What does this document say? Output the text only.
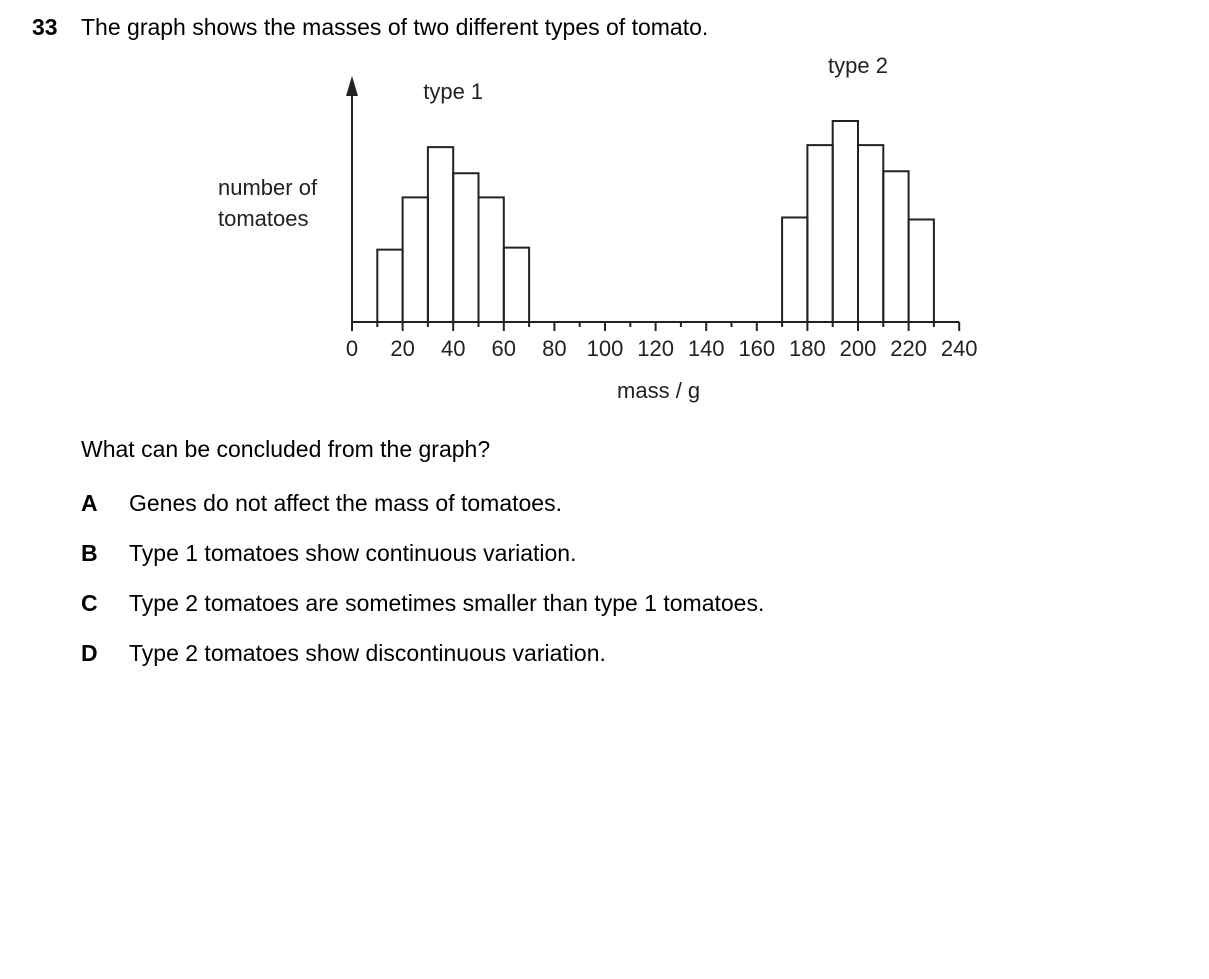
33 The graph shows the masses of two different types of tomato.
number of
tomatoes
type 1
type 2
0 20 40 60 80 100 120 140 160 180 200 220 240
mass / g
What can be concluded from the graph?
A Genes do not affect the mass of tomatoes.
B Type 1 tomatoes show continuous variation.
C Type 2 tomatoes are sometimes smaller than type 1 tomatoes.
D Type 2 tomatoes show discontinuous variation.
